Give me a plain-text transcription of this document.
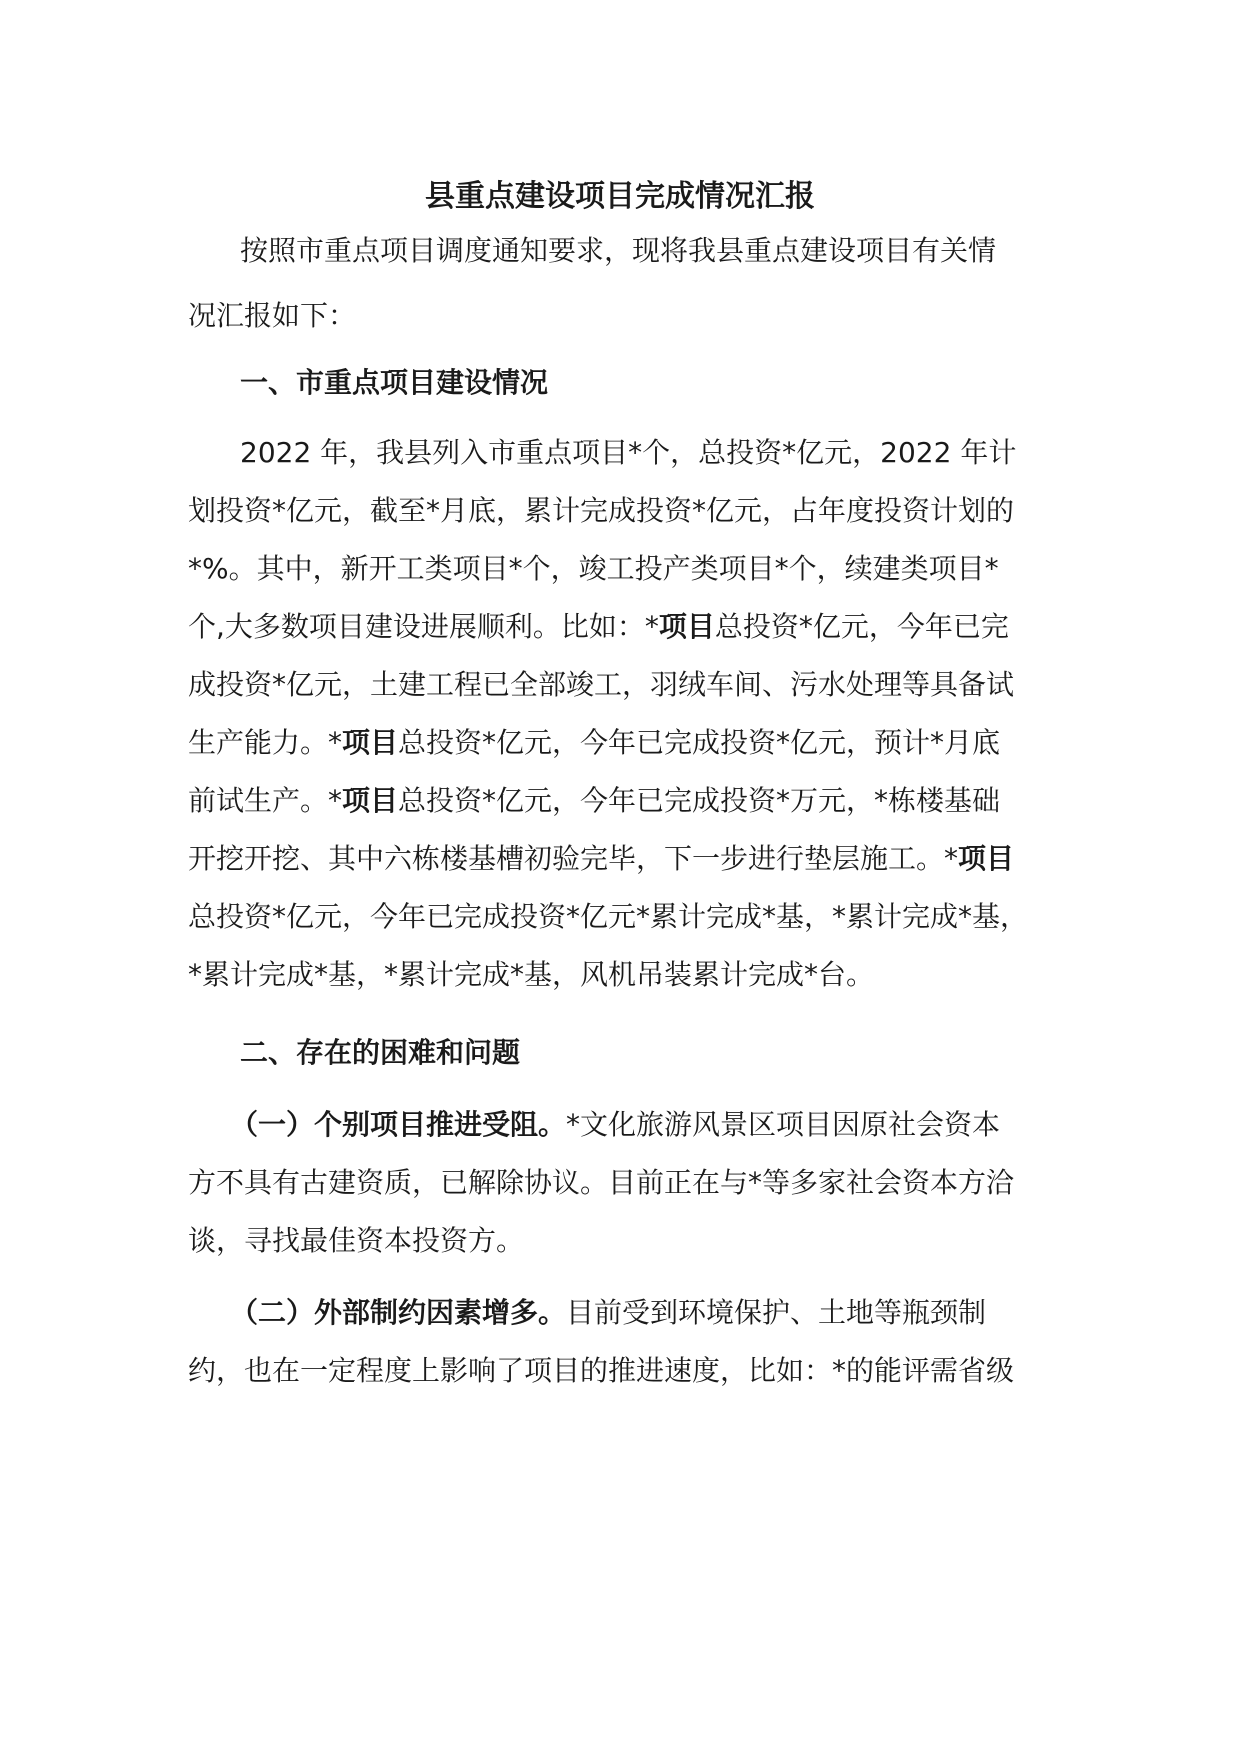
县重点建设项目完成情况汇报
按照市重点项目调度通知要求，现将我县重点建设项目有关情
况汇报如下：
一、市重点项目建设情况
2022 年，我县列入市重点项目*个，总投资*亿元，2022 年计
划投资*亿元，截至*月底，累计完成投资*亿元，占年度投资计划的
*%。其中，新开工类项目*个，竣工投产类项目*个，续建类项目*
个,大多数项目建设进展顺利。比如：*项目总投资*亿元，今年已完
成投资*亿元，土建工程已全部竣工，羽绒车间、污水处理等具备试
生产能力。*项目总投资*亿元，今年已完成投资*亿元，预计*月底
前试生产。*项目总投资*亿元，今年已完成投资*万元，*栋楼基础
开挖开挖、其中六栋楼基槽初验完毕，下一步进行垫层施工。*项目
总投资*亿元，今年已完成投资*亿元*累计完成*基，*累计完成*基，
*累计完成*基，*累计完成*基，风机吊装累计完成*台。
二、存在的困难和问题
（一）个别项目推进受阻。*文化旅游风景区项目因原社会资本
方不具有古建资质，已解除协议。目前正在与*等多家社会资本方洽
谈，寻找最佳资本投资方。
（二）外部制约因素增多。目前受到环境保护、土地等瓶颈制
约，也在一定程度上影响了项目的推进速度，比如：*的能评需省级
